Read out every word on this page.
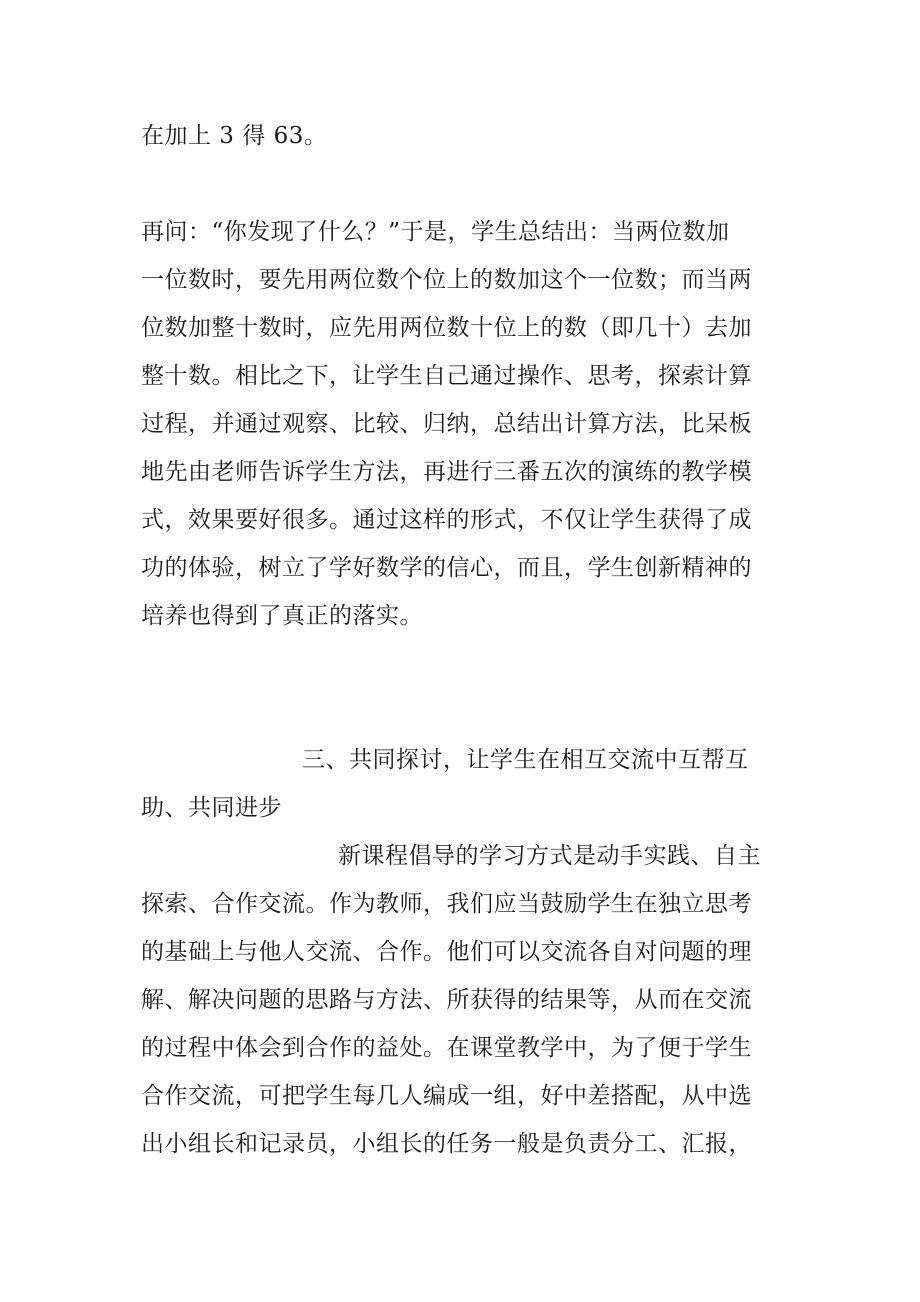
在加上 3 得 63。
再问：“你发现了什么？”于是，学生总结出：当两位数加
一位数时，要先用两位数个位上的数加这个一位数；而当两
位数加整十数时，应先用两位数十位上的数（即几十）去加
整十数。相比之下，让学生自己通过操作、思考，探索计算
过程，并通过观察、比较、归纳，总结出计算方法，比呆板
地先由老师告诉学生方法，再进行三番五次的演练的教学模
式，效果要好很多。通过这样的形式，不仅让学生获得了成
功的体验，树立了学好数学的信心，而且，学生创新精神的
培养也得到了真正的落实。
三、共同探讨，让学生在相互交流中互帮互
助、共同进步
新课程倡导的学习方式是动手实践、自主
探索、合作交流。作为教师，我们应当鼓励学生在独立思考
的基础上与他人交流、合作。他们可以交流各自对问题的理
解、解决问题的思路与方法、所获得的结果等，从而在交流
的过程中体会到合作的益处。在课堂教学中，为了便于学生
合作交流，可把学生每几人编成一组，好中差搭配，从中选
出小组长和记录员，小组长的任务一般是负责分工、汇报，
